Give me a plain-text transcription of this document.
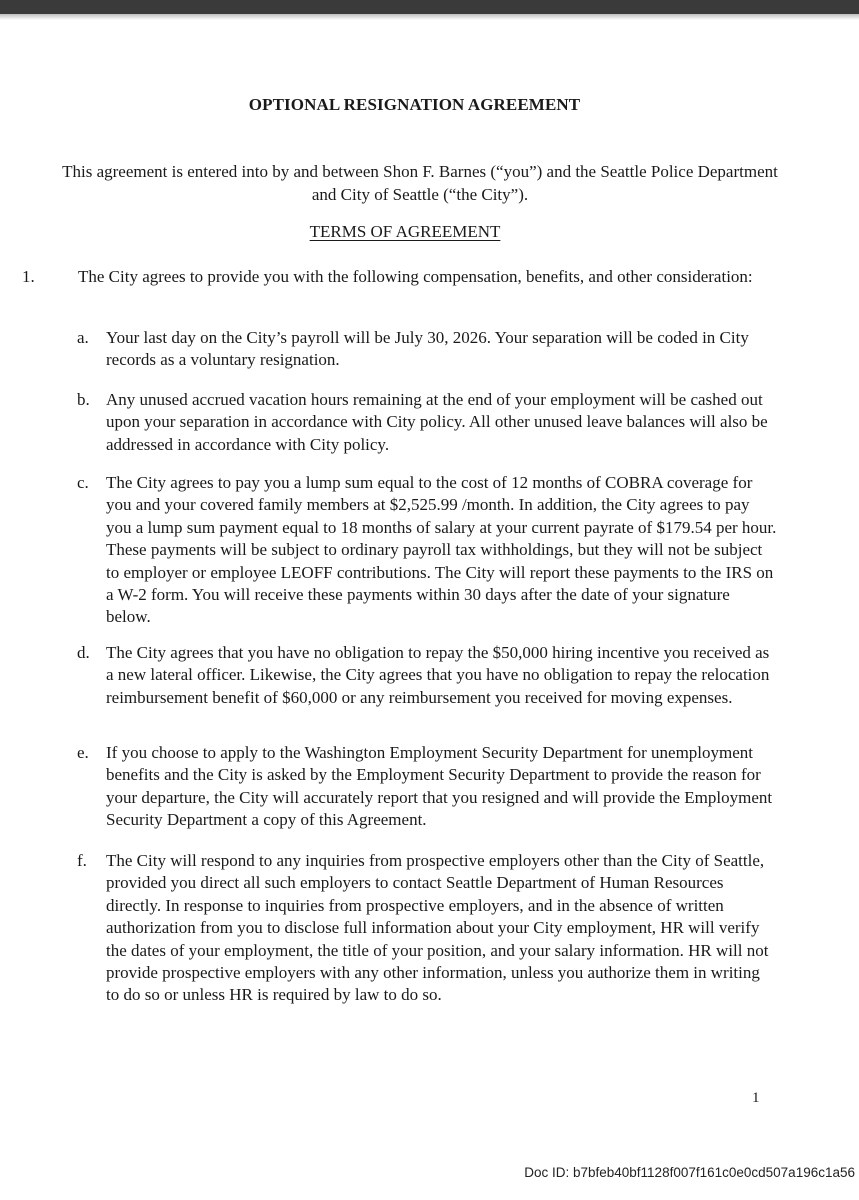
OPTIONAL RESIGNATION AGREEMENT
This agreement is entered into by and between Shon F. Barnes (“you”) and the Seattle Police Department and City of Seattle (“the City”).
TERMS OF AGREEMENT
1.	The City agrees to provide you with the following compensation, benefits, and other consideration:
a.	Your last day on the City’s payroll will be July 30, 2026. Your separation will be coded in City records as a voluntary resignation.
b. Any unused accrued vacation hours remaining at the end of your employment will be cashed out upon your separation in accordance with City policy. All other unused leave balances will also be addressed in accordance with City policy.
c.	The City agrees to pay you a lump sum equal to the cost of 12 months of COBRA coverage for you and your covered family members at $2,525.99 /month. In addition, the City agrees to pay you a lump sum payment equal to 18 months of salary at your current payrate of $179.54 per hour. These payments will be subject to ordinary payroll tax withholdings, but they will not be subject to employer or employee LEOFF contributions. The City will report these payments to the IRS on a W-2 form. You will receive these payments within 30 days after the date of your signature below.
d. The City agrees that you have no obligation to repay the $50,000 hiring incentive you received as a new lateral officer. Likewise, the City agrees that you have no obligation to repay the relocation reimbursement benefit of $60,000 or any reimbursement you received for moving expenses.
e.	If you choose to apply to the Washington Employment Security Department for unemployment benefits and the City is asked by the Employment Security Department to provide the reason for your departure, the City will accurately report that you resigned and will provide the Employment Security Department a copy of this Agreement.
f.	The City will respond to any inquiries from prospective employers other than the City of Seattle, provided you direct all such employers to contact Seattle Department of Human Resources directly. In response to inquiries from prospective employers, and in the absence of written authorization from you to disclose full information about your City employment, HR will verify the dates of your employment, the title of your position, and your salary information. HR will not provide prospective employers with any other information, unless you authorize them in writing to do so or unless HR is required by law to do so.
1
Doc ID: b7bfeb40bf1128f007f161c0e0cd507a196c1a56
